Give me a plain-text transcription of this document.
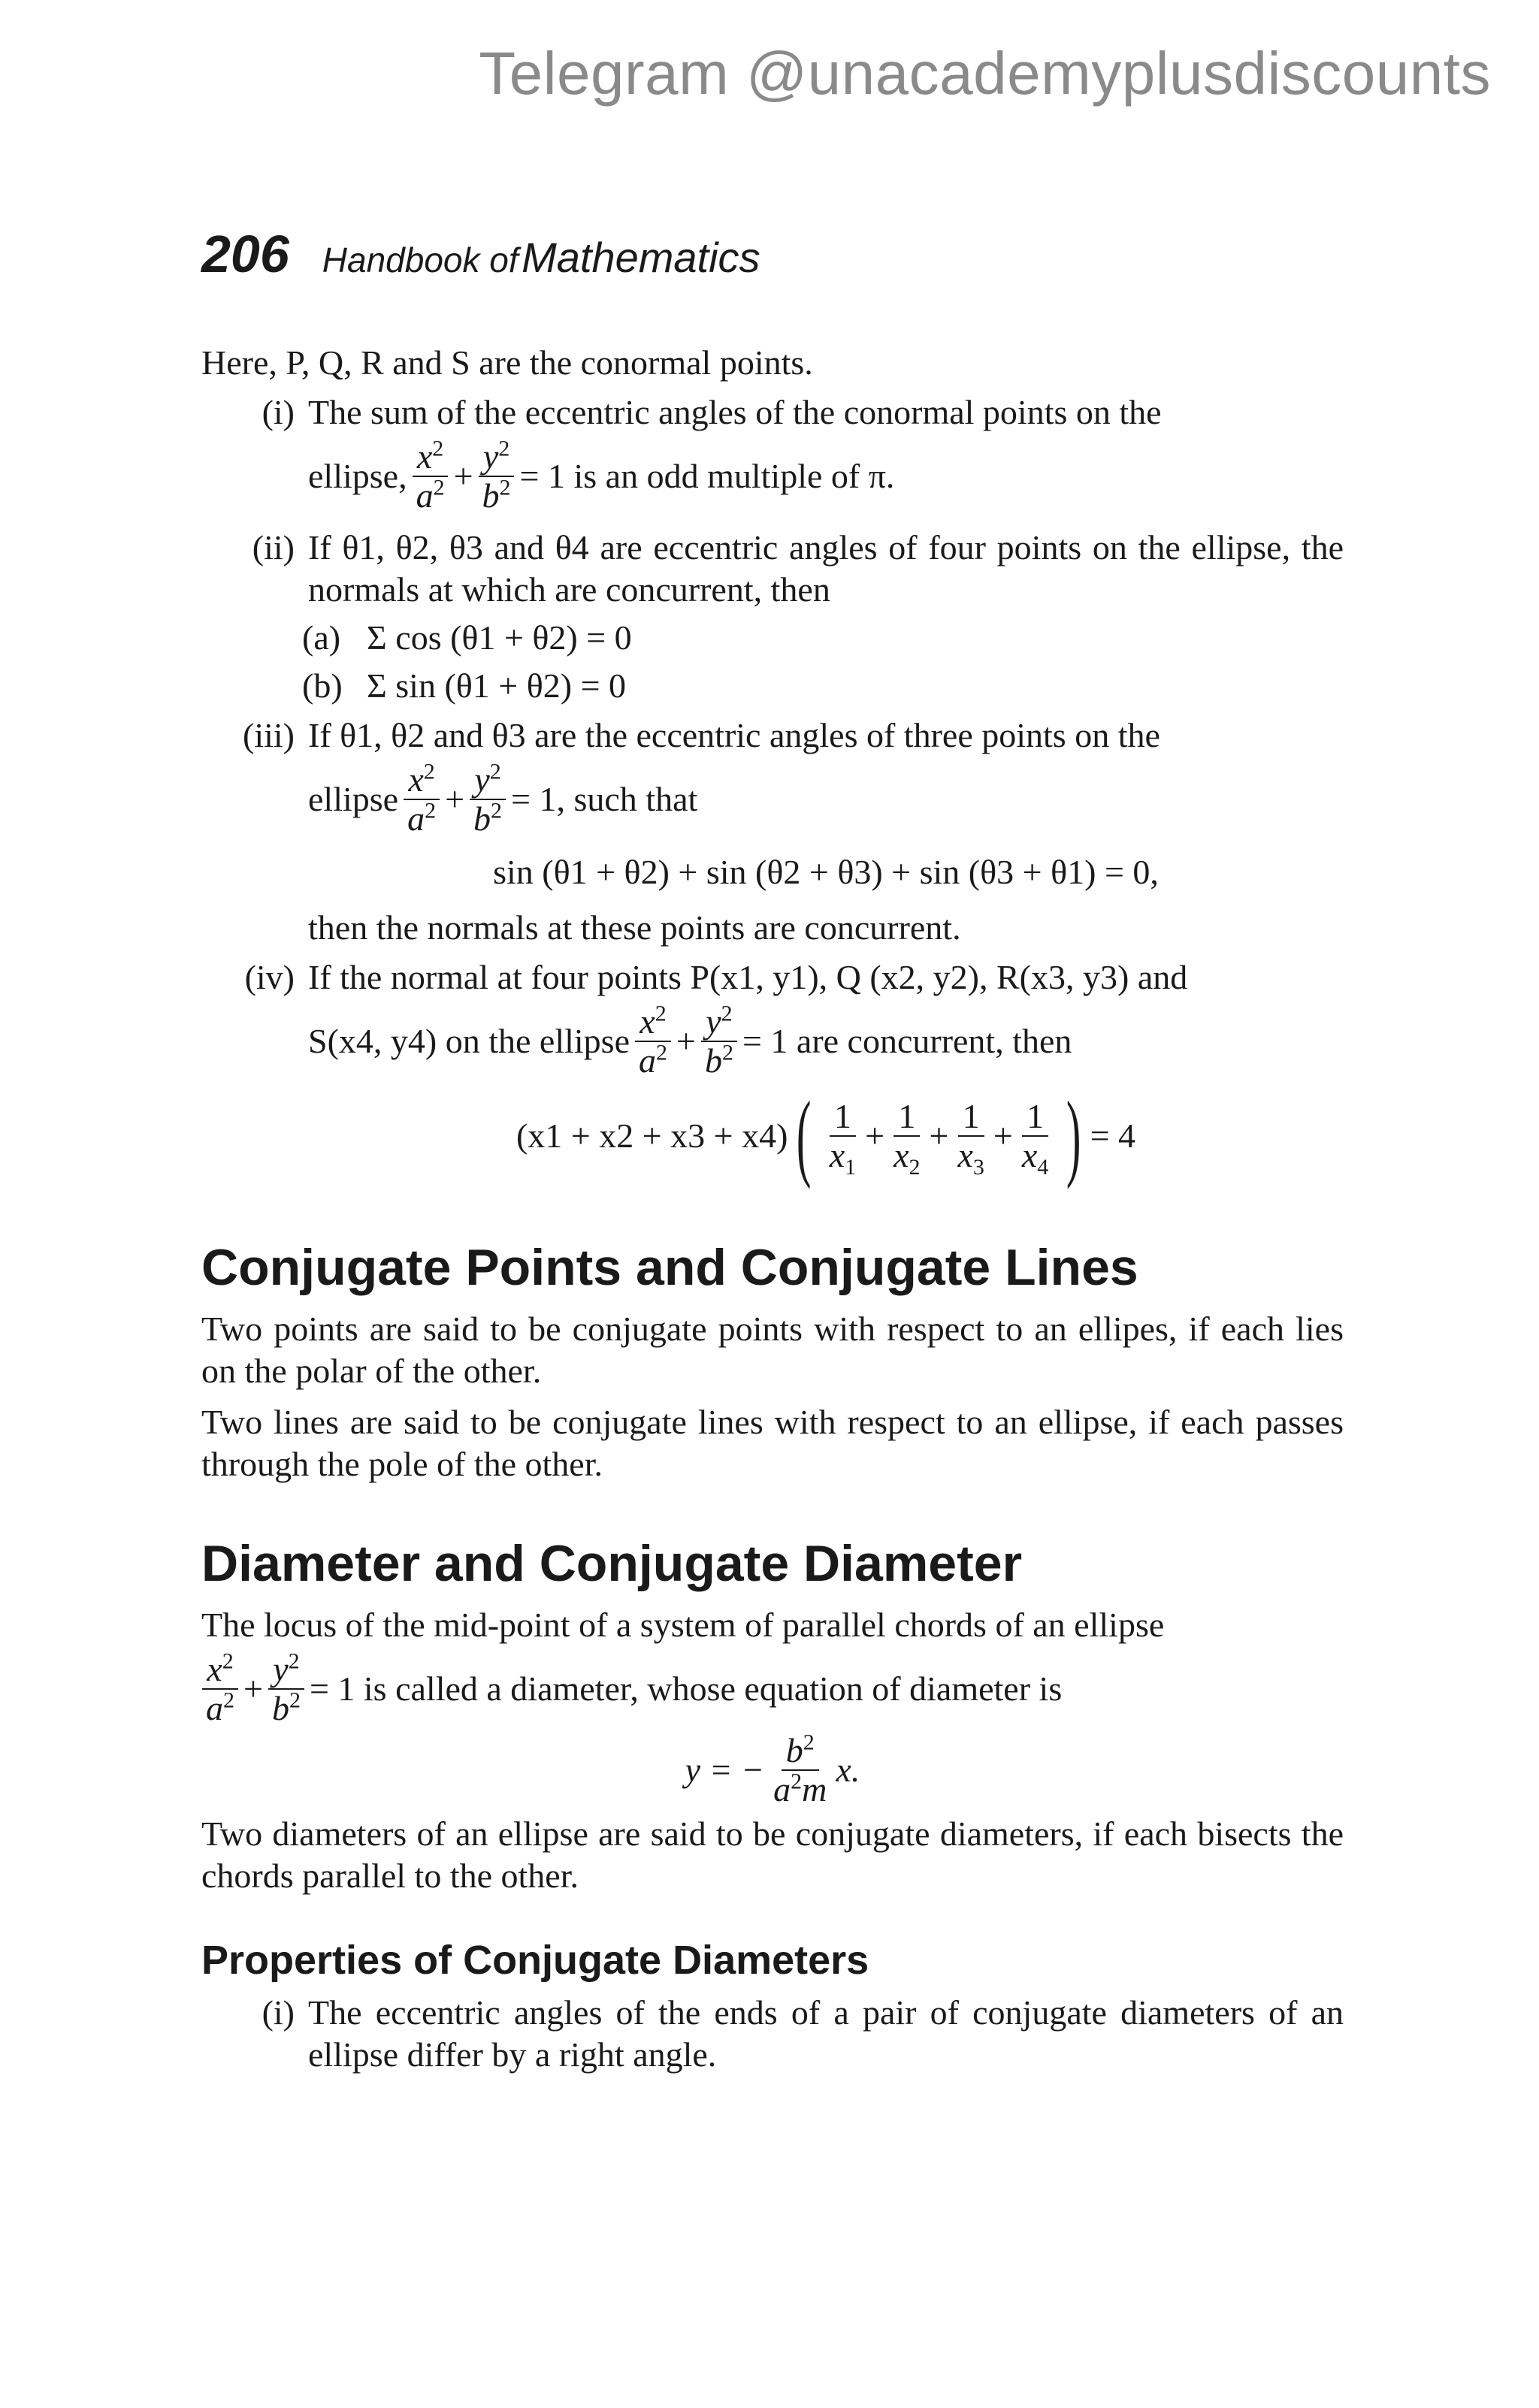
Telegram @unacademyplusdiscounts
206 Handbook of Mathematics

Here, P, Q, R and S are the conormal points.

(i) The sum of the eccentric angles of the conormal points on the
ellipse, $\frac{x^2}{a^2} + \frac{y^2}{b^2} = 1$ is an odd multiple of π.
(ii) If θ1, θ2, θ3 and θ4 are eccentric angles of four points on the ellipse, the normals at which are concurrent, then
(a) Σ cos (θ1 + θ2) = 0
(b) Σ sin (θ1 + θ2) = 0
(iii) If θ1, θ2 and θ3 are the eccentric angles of three points on the
ellipse $\frac{x^2}{a^2} + \frac{y^2}{b^2} = 1$, such that
sin (θ1 + θ2) + sin (θ2 + θ3) + sin (θ3 + θ1) = 0,
then the normals at these points are concurrent.
(iv) If the normal at four points P(x1, y1), Q (x2, y2), R(x3, y3) and
S(x4, y4) on the ellipse $\frac{x^2}{a^2} + \frac{y^2}{b^2} = 1$ are concurrent, then
(x1 + x2 + x3 + x4) ( $\frac{1}{x_1} + \frac{1}{x_2} + \frac{1}{x_3} + \frac{1}{x_4}$ ) = 4
Conjugate Points and Conjugate Lines

Two points are said to be conjugate points with respect to an ellipes, if each lies on the polar of the other.

Two lines are said to be conjugate lines with respect to an ellipse, if each passes through the pole of the other.

Diameter and Conjugate Diameter

The locus of the mid-point of a system of parallel chords of an ellipse

$\frac{x^2}{a^2} + \frac{y^2}{b^2} = 1$ is called a diameter, whose equation of diameter is
y = − $\frac{b^2}{a^2m} x$.

Two diameters of an ellipse are said to be conjugate diameters, if each bisects the chords parallel to the other.

Properties of Conjugate Diameters
(i) The eccentric angles of the ends of a pair of conjugate diameters of an ellipse differ by a right angle.
